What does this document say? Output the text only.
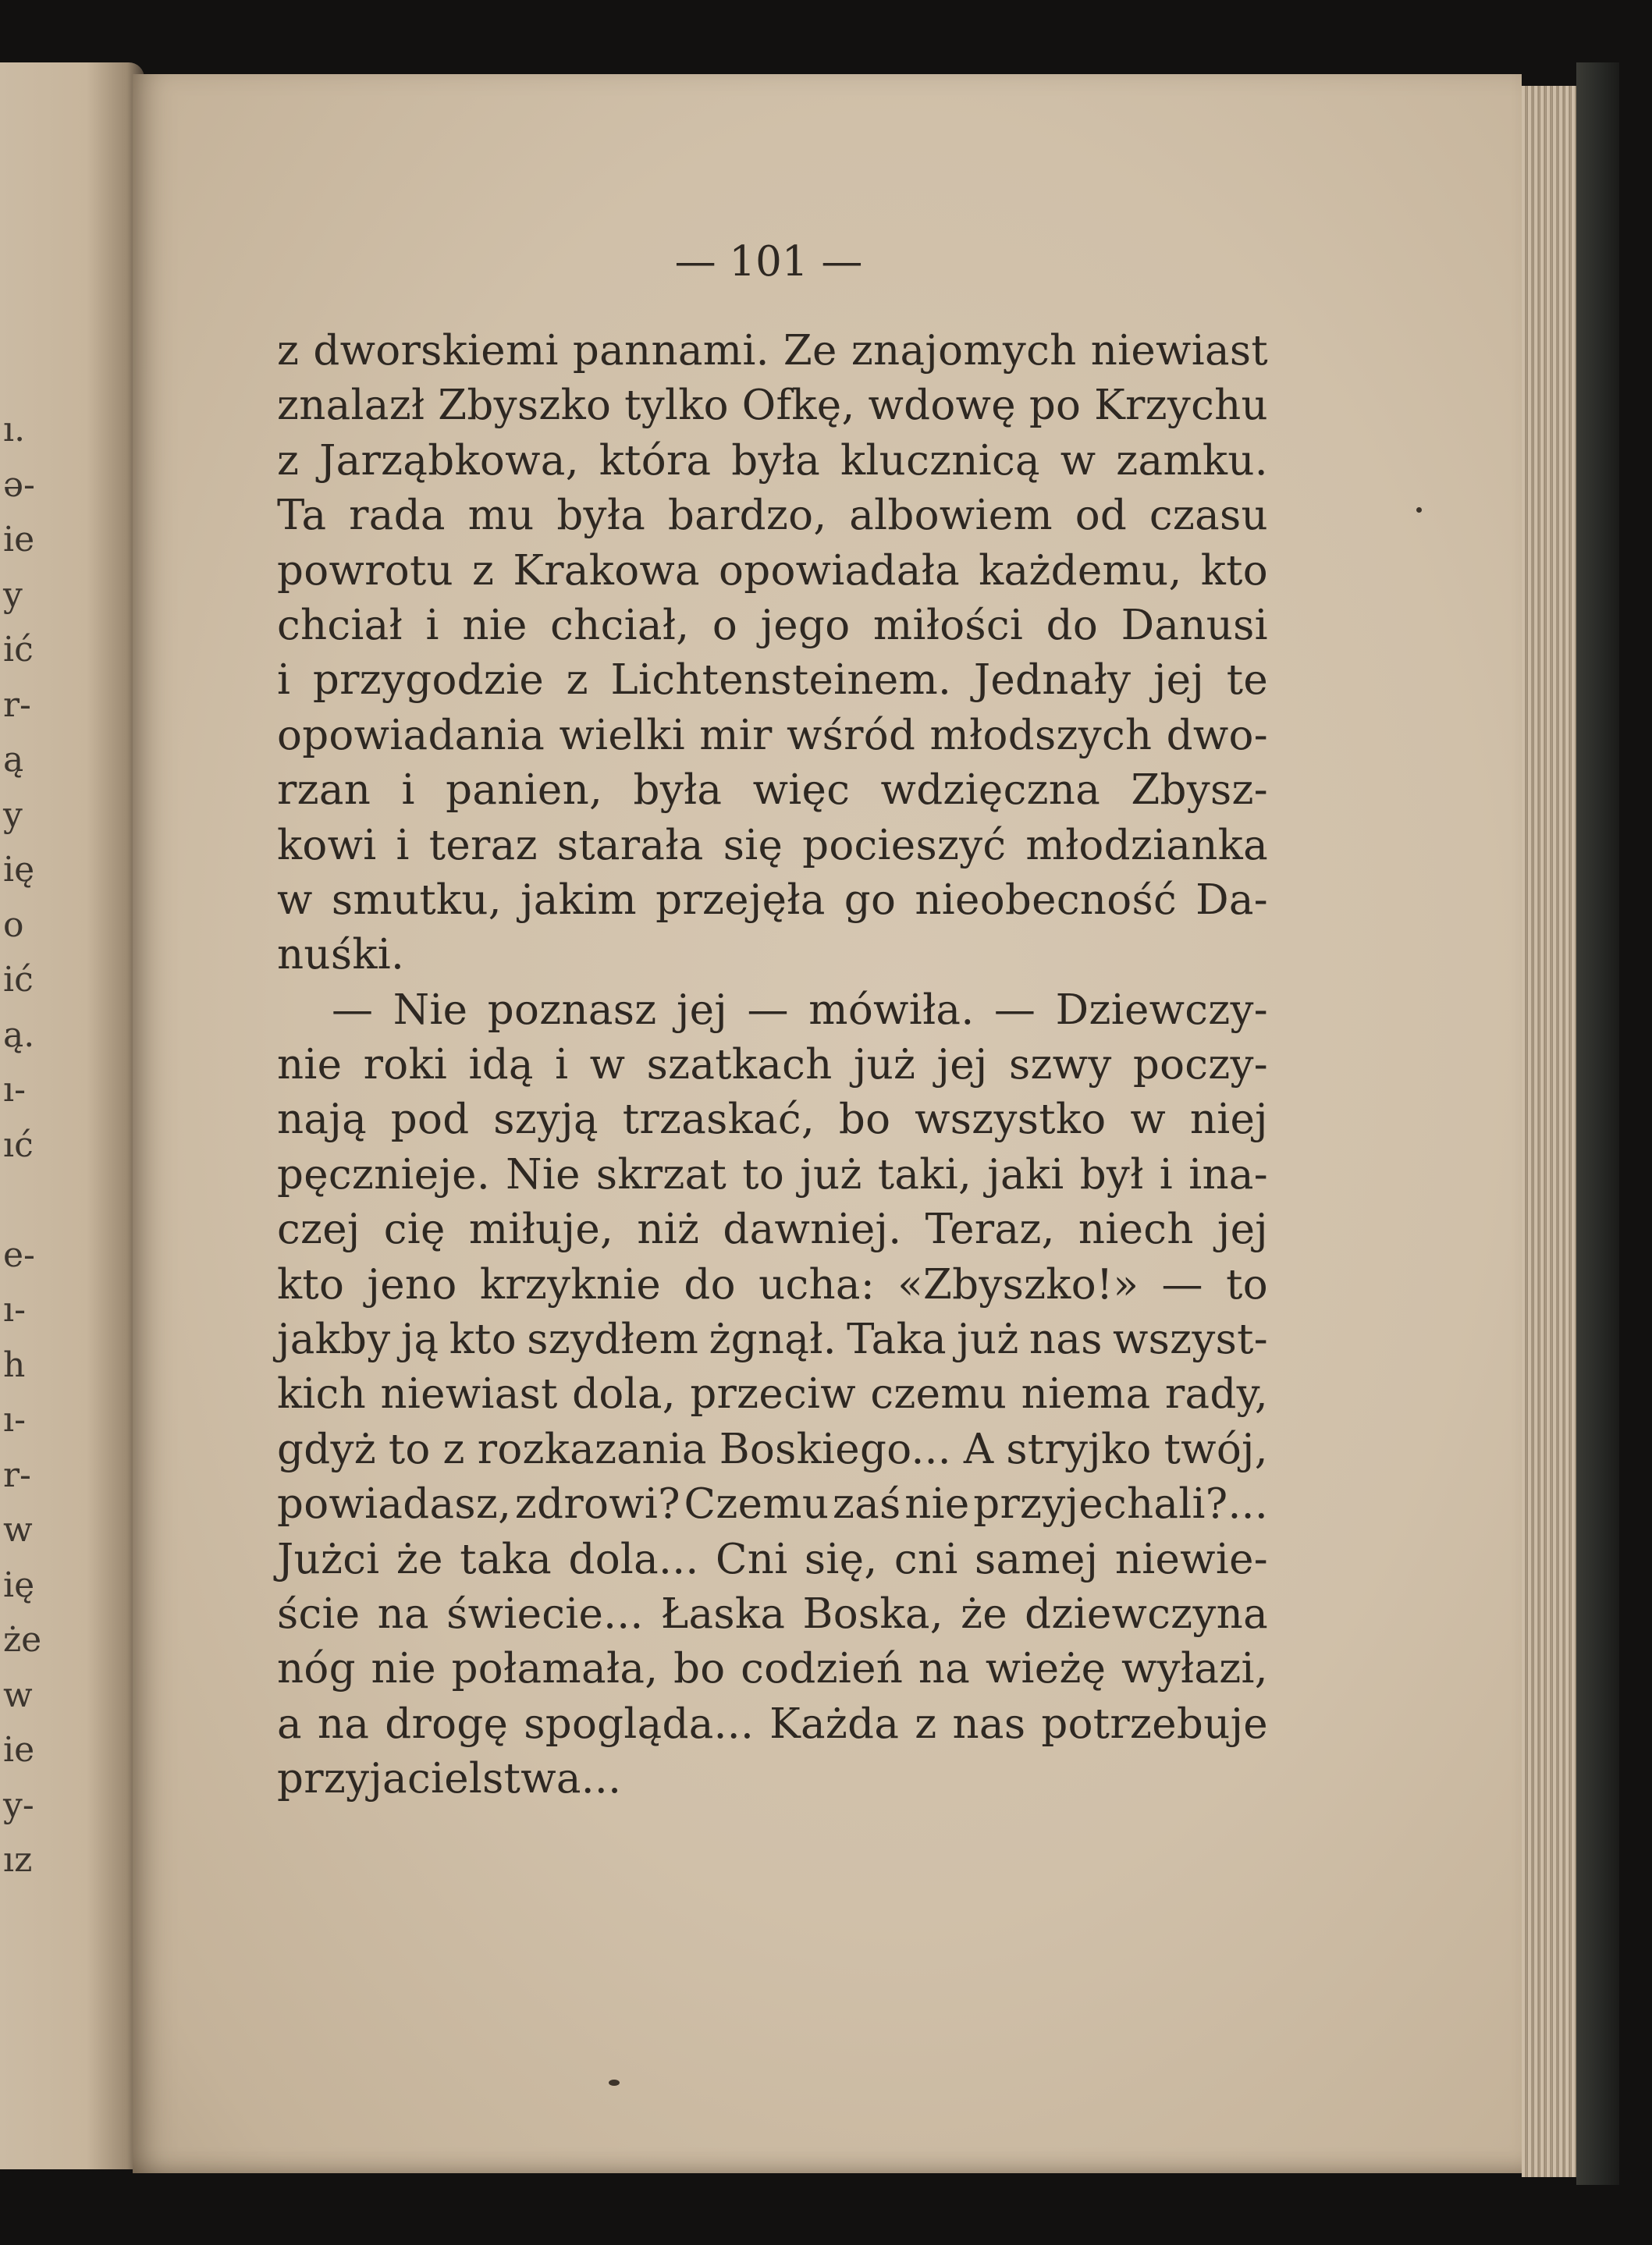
ı.
ə-
ie
y
ić
r-
ą
y
ię
o
ić
ą.
ı-
ıć
e-
ı-
h
ı-
r-
w
ię
że
w
ie
y-
ız
— 101 —
z dworskiemi pannami. Ze znajomych niewiast
znalazł Zbyszko tylko Ofkę, wdowę po Krzychu
z Jarząbkowa, która była klucznicą w zamku.
Ta rada mu była bardzo, albowiem od czasu
powrotu z Krakowa opowiadała każdemu, kto
chciał i nie chciał, o jego miłości do Danusi
i przygodzie z Lichtensteinem. Jednały jej te
opowiadania wielki mir wśród młodszych dwo-
rzan i panien, była więc wdzięczna Zbysz-
kowi i teraz starała się pocieszyć młodzianka
w smutku, jakim przejęła go nieobecność Da-
nuśki.
— Nie poznasz jej — mówiła. — Dziewczy-
nie roki idą i w szatkach już jej szwy poczy-
nają pod szyją trzaskać, bo wszystko w niej
pęcznieje. Nie skrzat to już taki, jaki był i ina-
czej cię miłuje, niż dawniej. Teraz, niech jej
kto jeno krzyknie do ucha: «Zbyszko!» — to
jakby ją kto szydłem żgnął. Taka już nas wszyst-
kich niewiast dola, przeciw czemu niema rady,
gdyż to z rozkazania Boskiego... A stryjko twój,
powiadasz, zdrowi? Czemu zaś nie przyjechali?...
Jużci że taka dola... Cni się, cni samej niewie-
ście na świecie... Łaska Boska, że dziewczyna
nóg nie połamała, bo codzień na wieżę wyłazi,
a na drogę spogląda... Każda z nas potrzebuje
przyjacielstwa...
